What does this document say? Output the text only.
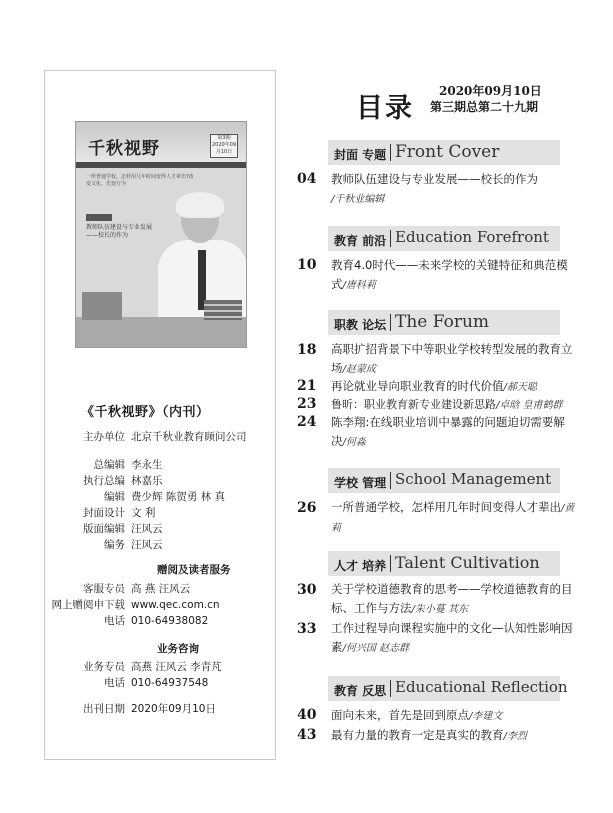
千秋视野
第3期 2020年09月10日
一所普通学校，怎样用几年时间变得人才辈出?改变文化、先变行为
教师队伍建设与专业发展——校长的作为
《千秋视野》（内刊）
主办单位 北京千秋业教育顾问公司
总编辑 李永生
执行总编 林嘉乐
编辑 费少辉 陈贺勇 林 真
封面设计 文 利
版面编辑 汪风云
编务 汪风云
赠阅及读者服务
客服专员 高 燕 汪风云
网上赠阅申下载 www.qec.com.cn
电话 010-64938082
业务咨询
业务专员 高燕 汪风云 李青芃
电话 010-64937548
出刊日期 2020年09月10日
目录
2020年09月10日
第三期总第二十九期
封面 专题 Front Cover
04 教师队伍建设与专业发展——校长的作为
/千秋业编辑
教育 前沿 Education Forefront
10 教育4.0时代——未来学校的关键特征和典范模式/唐科莉
职教 论坛 The Forum
18 高职扩招背景下中等职业学校转型发展的教育立场/赵蒙成
21 再论就业导向职业教育的时代价值/郝天聪
23 鲁昕：职业教育新专业建设新思路/卓晗 皇甫鹤群
24 陈李翔:在线职业培训中暴露的问题迫切需要解决/何淼
学校 管理 School Management
26 一所普通学校，怎样用几年时间变得人才辈出/黄莉
人才 培养 Talent Cultivation
30 关于学校道德教育的思考——学校道德教育的目标、工作与方法/朱小蔓 其东
33 工作过程导向课程实施中的文化—认知性影响因素/何兴国 赵志群
教育 反思 Educational Reflection
40 面向未来，首先是回到原点/李建文
43 最有力量的教育一定是真实的教育/李烈
